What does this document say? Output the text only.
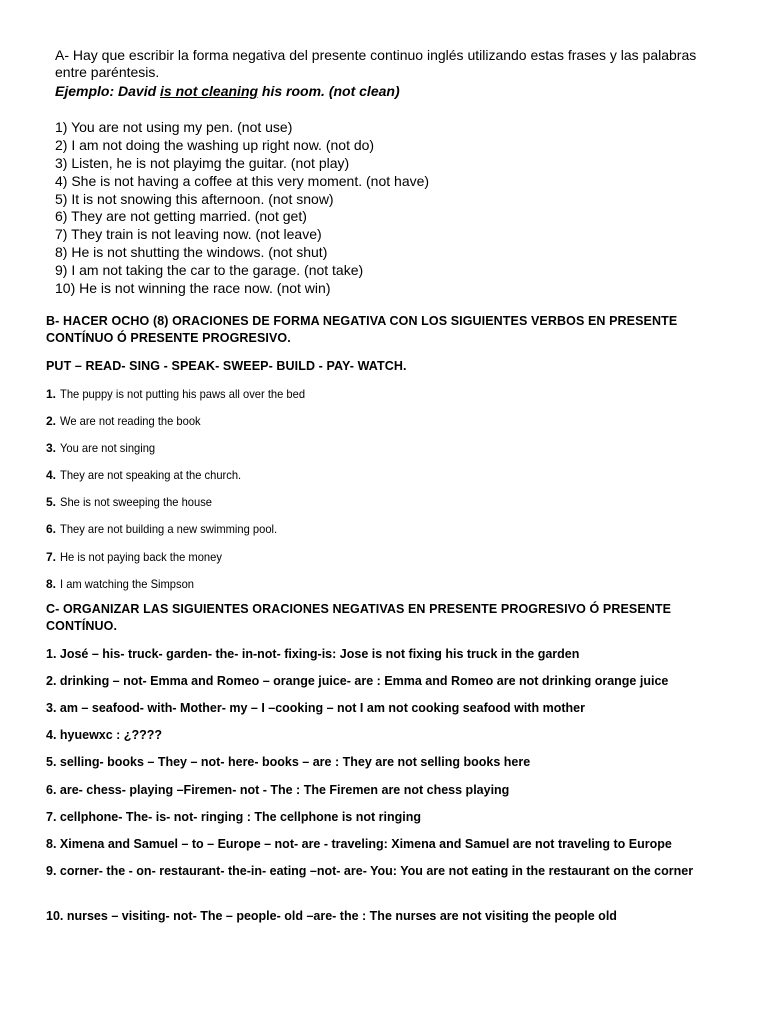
A- Hay que escribir la forma negativa del presente continuo inglés utilizando estas frases y las palabras entre paréntesis.
Ejemplo: David is not cleaning his room. (not clean)
1) You are not using my pen. (not use)
2) I am not doing the washing up right now. (not do)
3) Listen, he is not playimg the guitar. (not play)
4) She is not having a coffee at this very moment. (not have)
5) It is not snowing this afternoon. (not snow)
6) They are not getting married. (not get)
7) They train is not leaving now. (not leave)
8) He is not shutting the windows. (not shut)
9) I am not taking the car to the garage. (not take)
10) He is not winning the race now. (not win)
B- HACER OCHO (8) ORACIONES DE FORMA NEGATIVA CON LOS SIGUIENTES VERBOS EN PRESENTE CONTÍNUO Ó PRESENTE PROGRESIVO.
PUT – READ- SING - SPEAK- SWEEP- BUILD - PAY- WATCH.
1. The puppy is not putting his paws all over the bed
2. We are not reading the book
3. You are not singing
4. They are not speaking at the church.
5. She is not sweeping the house
6. They are not building a new swimming pool.
7. He is not paying back the money
8. I am watching the Simpson
C- ORGANIZAR LAS SIGUIENTES ORACIONES NEGATIVAS EN PRESENTE PROGRESIVO Ó PRESENTE CONTÍNUO.
1. José – his- truck- garden- the- in-not- fixing-is: Jose is not fixing his truck in the garden
2. drinking – not- Emma and Romeo – orange juice- are : Emma and Romeo are not drinking orange juice
3. am – seafood- with- Mother- my – I –cooking – not I am not cooking seafood with mother
4. hyuewxc : ¿????
5. selling- books – They – not- here- books – are : They are not selling books here
6. are- chess- playing –Firemen- not - The : The Firemen are not chess playing
7. cellphone- The- is- not- ringing : The cellphone is not ringing
8. Ximena and Samuel – to – Europe – not- are - traveling: Ximena and Samuel are not traveling to Europe
9. corner- the - on- restaurant- the-in- eating –not- are- You: You are not eating in the restaurant on the corner
10. nurses – visiting- not- The – people- old –are- the : The nurses are not visiting the people old
